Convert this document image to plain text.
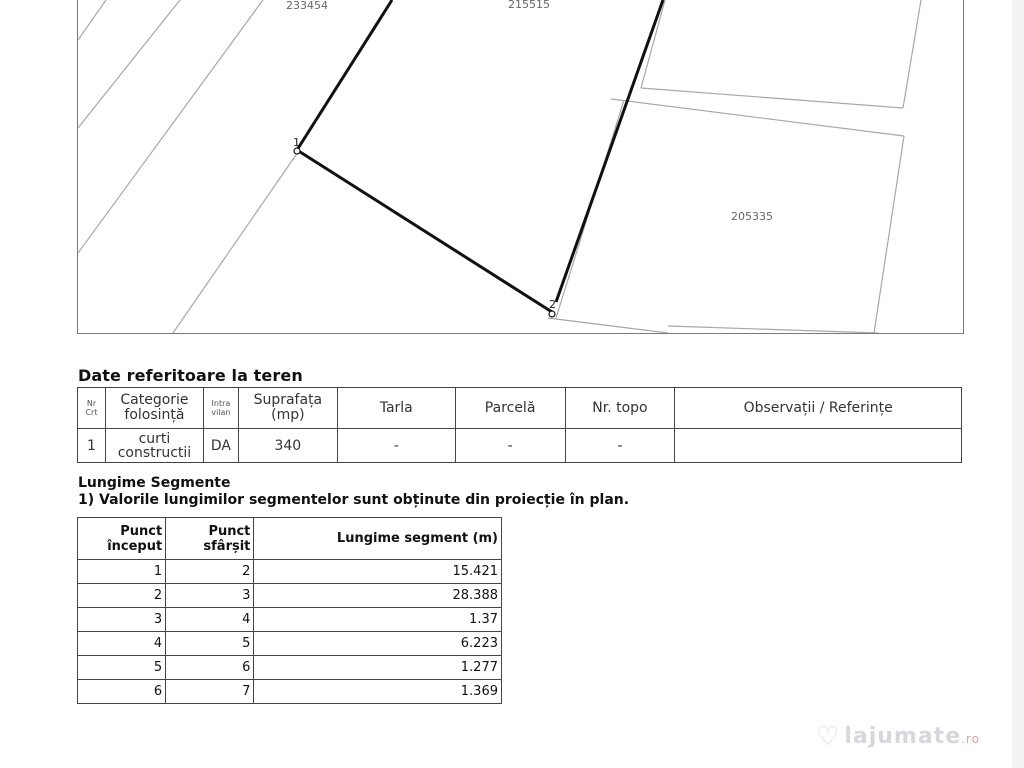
233454	215515
205335
1
2
Date referitoare la teren
Nr Crt	Categorie folosință	Intra vilan	Suprafața (mp)	Tarla	Parcelă	Nr. topo	Observații / Referințe
1	curti constructii	DA	340	-	-	-	
Lungime Segmente
1) Valorile lungimilor segmentelor sunt obținute din proiecție în plan.
Punct început	Punct sfârșit	Lungime segment (m)
1	2	15.421
2	3	28.388
3	4	1.37
4	5	6.223
5	6	1.277
6	7	1.369
♡ lajumate.ro
